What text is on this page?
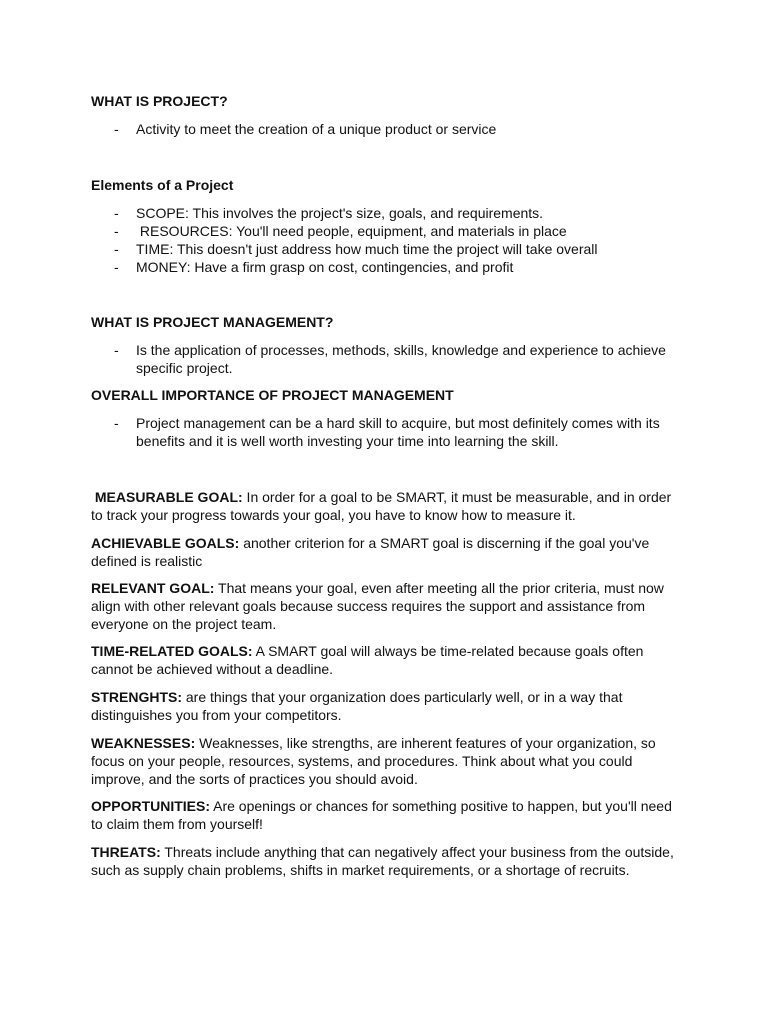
WHAT IS PROJECT?
- Activity to meet the creation of a unique product or service
Elements of a Project
- SCOPE: This involves the project's size, goals, and requirements.
- RESOURCES: You'll need people, equipment, and materials in place
- TIME: This doesn't just address how much time the project will take overall
- MONEY: Have a firm grasp on cost, contingencies, and profit
WHAT IS PROJECT MANAGEMENT?
- Is the application of processes, methods, skills, knowledge and experience to achieve specific project.
OVERALL IMPORTANCE OF PROJECT MANAGEMENT
- Project management can be a hard skill to acquire, but most definitely comes with its benefits and it is well worth investing your time into learning the skill.

MEASURABLE GOAL: In order for a goal to be SMART, it must be measurable, and in order to track your progress towards your goal, you have to know how to measure it.

ACHIEVABLE GOALS: another criterion for a SMART goal is discerning if the goal you've defined is realistic

RELEVANT GOAL: That means your goal, even after meeting all the prior criteria, must now align with other relevant goals because success requires the support and assistance from everyone on the project team.

TIME-RELATED GOALS: A SMART goal will always be time-related because goals often cannot be achieved without a deadline.

STRENGHTS: are things that your organization does particularly well, or in a way that distinguishes you from your competitors.

WEAKNESSES: Weaknesses, like strengths, are inherent features of your organization, so focus on your people, resources, systems, and procedures. Think about what you could improve, and the sorts of practices you should avoid.

OPPORTUNITIES: Are openings or chances for something positive to happen, but you'll need to claim them from yourself!

THREATS: Threats include anything that can negatively affect your business from the outside, such as supply chain problems, shifts in market requirements, or a shortage of recruits.
